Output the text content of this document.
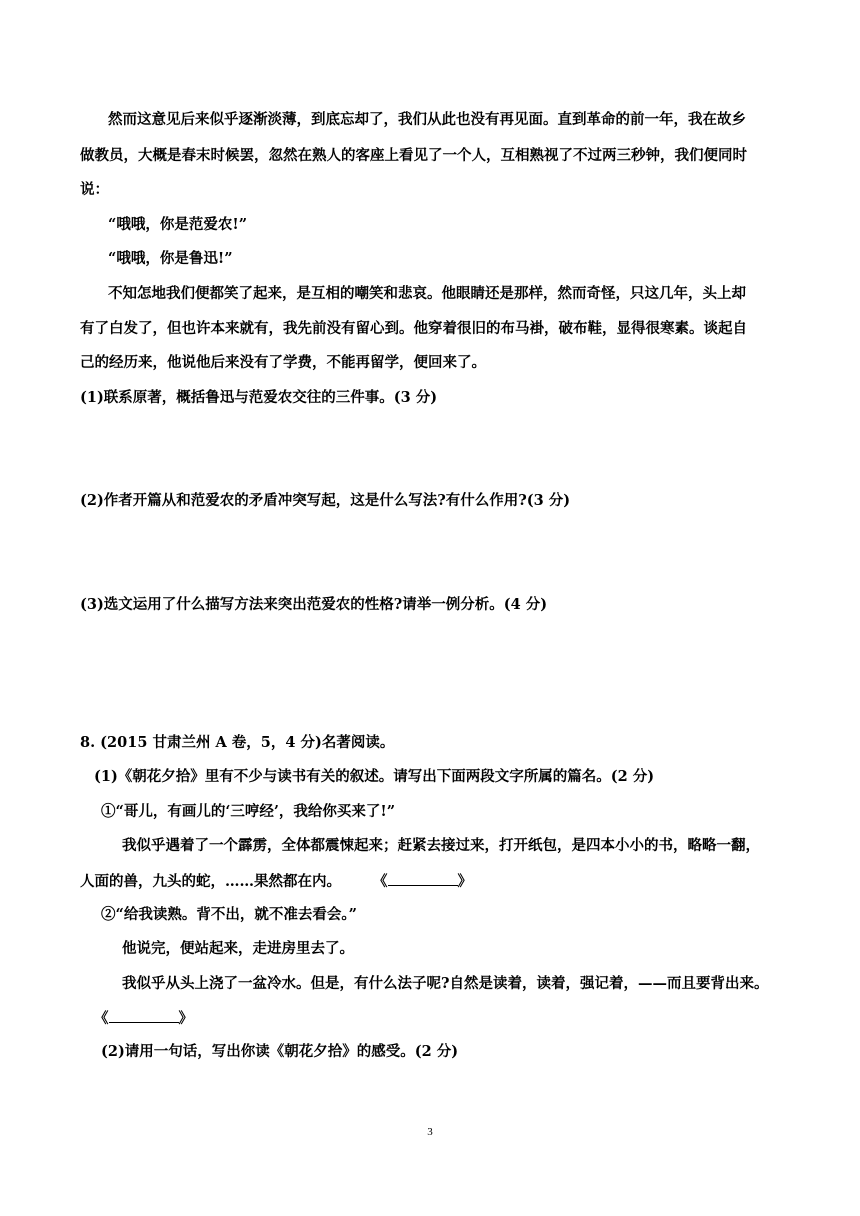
然而这意见后来似乎逐渐淡薄，到底忘却了，我们从此也没有再见面。直到革命的前一年，我在故乡
做教员，大概是春末时候罢，忽然在熟人的客座上看见了一个人，互相熟视了不过两三秒钟，我们便同时
说：
“哦哦，你是范爱农!”
“哦哦，你是鲁迅!”
不知怎地我们便都笑了起来，是互相的嘲笑和悲哀。他眼睛还是那样，然而奇怪，只这几年，头上却
有了白发了，但也许本来就有，我先前没有留心到。他穿着很旧的布马褂，破布鞋，显得很寒素。谈起自
己的经历来，他说他后来没有了学费，不能再留学，便回来了。
(1)联系原著，概括鲁迅与范爱农交往的三件事。(3 分)
(2)作者开篇从和范爱农的矛盾冲突写起，这是什么写法?有什么作用?(3 分)
(3)选文运用了什么描写方法来突出范爱农的性格?请举一例分析。(4 分)
8. (2015 甘肃兰州 A 卷，5，4 分)名著阅读。
(1)《朝花夕拾》里有不少与读书有关的叙述。请写出下面两段文字所属的篇名。(2 分)
①“哥儿，有画儿的‘三哼经’，我给你买来了!”
我似乎遇着了一个霹雳，全体都震悚起来；赶紧去接过来，打开纸包，是四本小小的书，略略一翻，
人面的兽，九头的蛇，……果然都在内。 《	》
②“给我读熟。背不出，就不准去看会。”
他说完，便站起来，走进房里去了。
我似乎从头上浇了一盆冷水。但是，有什么法子呢?自然是读着，读着，强记着，——而且要背出来。
《	》
(2)请用一句话，写出你读《朝花夕拾》的感受。(2 分)
3
